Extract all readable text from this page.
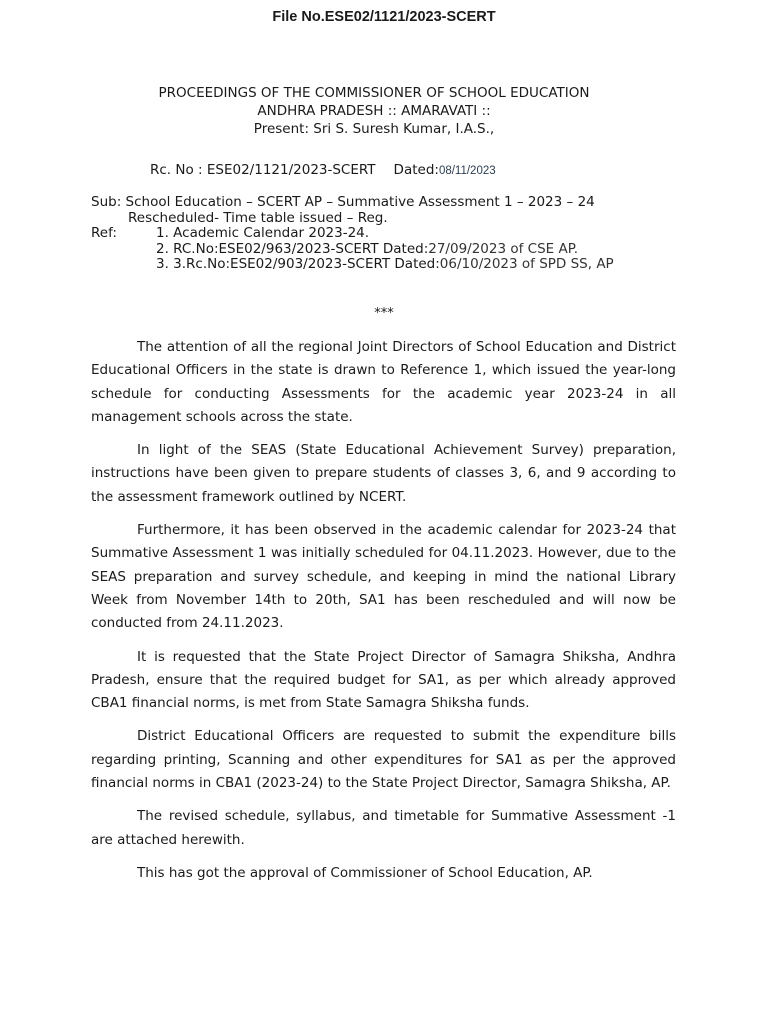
File No.ESE02/1121/2023-SCERT
PROCEEDINGS OF THE COMMISSIONER OF SCHOOL EDUCATION
ANDHRA PRADESH :: AMARAVATI ::
Present: Sri S. Suresh Kumar, I.A.S.,
Rc. No : ESE02/1121/2023-SCERT Dated:08/11/2023
Sub: School Education – SCERT AP – Summative Assessment 1 – 2023 – 24
Rescheduled- Time table issued – Reg.
Ref:	1. Academic Calendar 2023-24.
2. RC.No:ESE02/963/2023-SCERT Dated:27/09/2023 of CSE AP.
3. 3.Rc.No:ESE02/903/2023-SCERT Dated:06/10/2023 of SPD SS, AP
***

The attention of all the regional Joint Directors of School Education and District Educational Officers in the state is drawn to Reference 1, which issued the year-long schedule for conducting Assessments for the academic year 2023-24 in all management schools across the state.

In light of the SEAS (State Educational Achievement Survey) preparation, instructions have been given to prepare students of classes 3, 6, and 9 according to the assessment framework outlined by NCERT.

Furthermore, it has been observed in the academic calendar for 2023-24 that Summative Assessment 1 was initially scheduled for 04.11.2023. However, due to the SEAS preparation and survey schedule, and keeping in mind the national Library Week from November 14th to 20th, SA1 has been rescheduled and will now be conducted from 24.11.2023.

It is requested that the State Project Director of Samagra Shiksha, Andhra Pradesh, ensure that the required budget for SA1, as per which already approved CBA1 financial norms, is met from State Samagra Shiksha funds.

District Educational Officers are requested to submit the expenditure bills regarding printing, Scanning and other expenditures for SA1 as per the approved financial norms in CBA1 (2023-24) to the State Project Director, Samagra Shiksha, AP.

The revised schedule, syllabus, and timetable for Summative Assessment -1 are attached herewith.

This has got the approval of Commissioner of School Education, AP.
